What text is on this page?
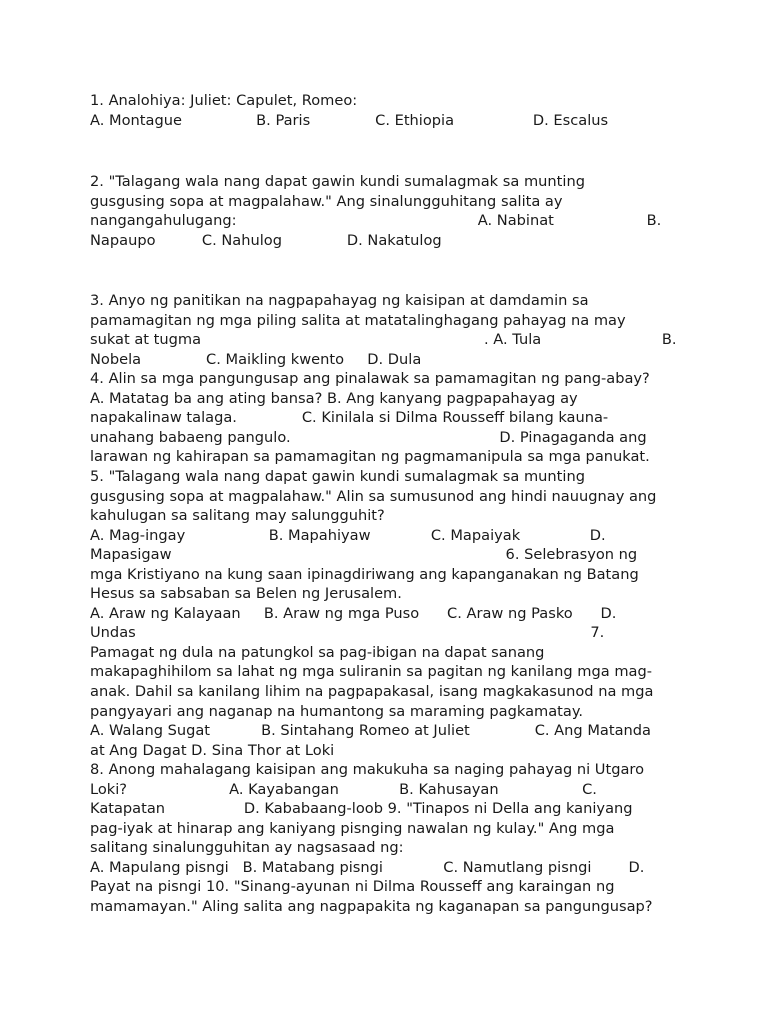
1. Analohiya: Juliet: Capulet, Romeo:

A. Montague                B. Paris              C. Ethiopia                 D. Escalus

2. "Talagang wala nang dapat gawin kundi sumalagmak sa munting

gusgusing sopa at magpalahaw." Ang sinalungguhitang salita ay

nangangahulugang:                                                    A. Nabinat                    B.

Napaupo          C. Nahulog              D. Nakatulog

3. Anyo ng panitikan na nagpapahayag ng kaisipan at damdamin sa

pamamagitan ng mga piling salita at matatalinghagang pahayag na may

sukat at tugma                                                             . A. Tula                          B.

Nobela              C. Maikling kwento     D. Dula

4. Alin sa mga pangungusap ang pinalawak sa pamamagitan ng pang-abay?

A. Matatag ba ang ating bansa? B. Ang kanyang pagpapahayag ay

napakalinaw talaga.              C. Kinilala si Dilma Rousseff bilang kauna-

unahang babaeng pangulo.                                             D. Pinagaganda ang

larawan ng kahirapan sa pamamagitan ng pagmamanipula sa mga panukat.

5. "Talagang wala nang dapat gawin kundi sumalagmak sa munting

gusgusing sopa at magpalahaw." Alin sa sumusunod ang hindi nauugnay ang

kahulugan sa salitang may salungguhit?

A. Mag-ingay                  B. Mapahiyaw             C. Mapaiyak               D.

Mapasigaw                                                                        6. Selebrasyon ng

mga Kristiyano na kung saan ipinagdiriwang ang kapanganakan ng Batang

Hesus sa sabsaban sa Belen ng Jerusalem.

A. Araw ng Kalayaan     B. Araw ng mga Puso      C. Araw ng Pasko      D.

Undas                                                                                                  7.

Pamagat ng dula na patungkol sa pag-ibigan na dapat sanang

makapaghihilom sa lahat ng mga suliranin sa pagitan ng kanilang mga mag-

anak. Dahil sa kanilang lihim na pagpapakasal, isang magkakasunod na mga

pangyayari ang naganap na humantong sa maraming pagkamatay.

A. Walang Sugat           B. Sintahang Romeo at Juliet              C. Ang Matanda

at Ang Dagat D. Sina Thor at Loki

8. Anong mahalagang kaisipan ang makukuha sa naging pahayag ni Utgaro

Loki?                      A. Kayabangan             B. Kahusayan                  C.

Katapatan                 D. Kababaang-loob 9. "Tinapos ni Della ang kaniyang

pag-iyak at hinarap ang kaniyang pisnging nawalan ng kulay." Ang mga

salitang sinalungguhitan ay nagsasaad ng:

A. Mapulang pisngi   B. Matabang pisngi             C. Namutlang pisngi        D.

Payat na pisngi 10. "Sinang-ayunan ni Dilma Rousseff ang karaingan ng

mamamayan." Aling salita ang nagpapakita ng kaganapan sa pangungusap?
